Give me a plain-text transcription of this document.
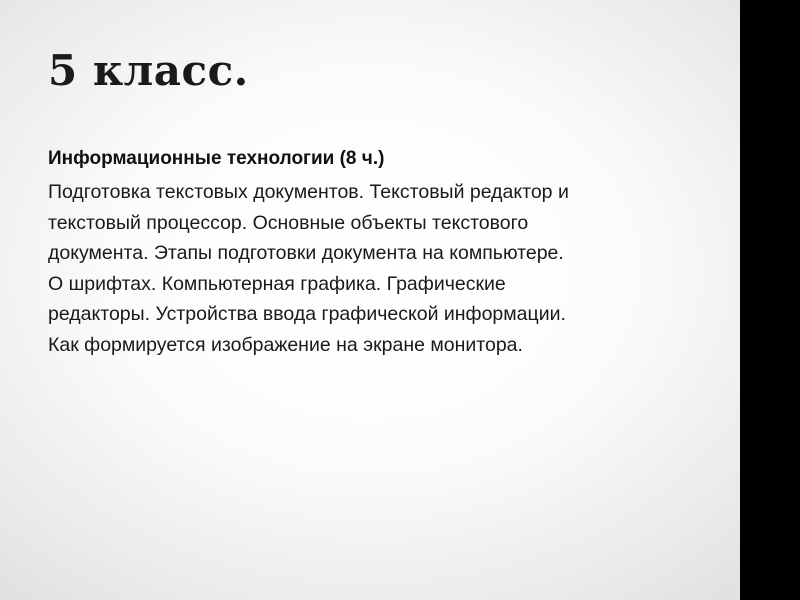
5 класс.

Информационные технологии (8 ч.)

Подготовка текстовых документов. Текстовый редактор и
текстовый процессор. Основные объекты текстового
документа. Этапы подготовки документа на компьютере.
О шрифтах. Компьютерная графика. Графические
редакторы. Устройства ввода графической информации.
Как формируется изображение на экране монитора.
